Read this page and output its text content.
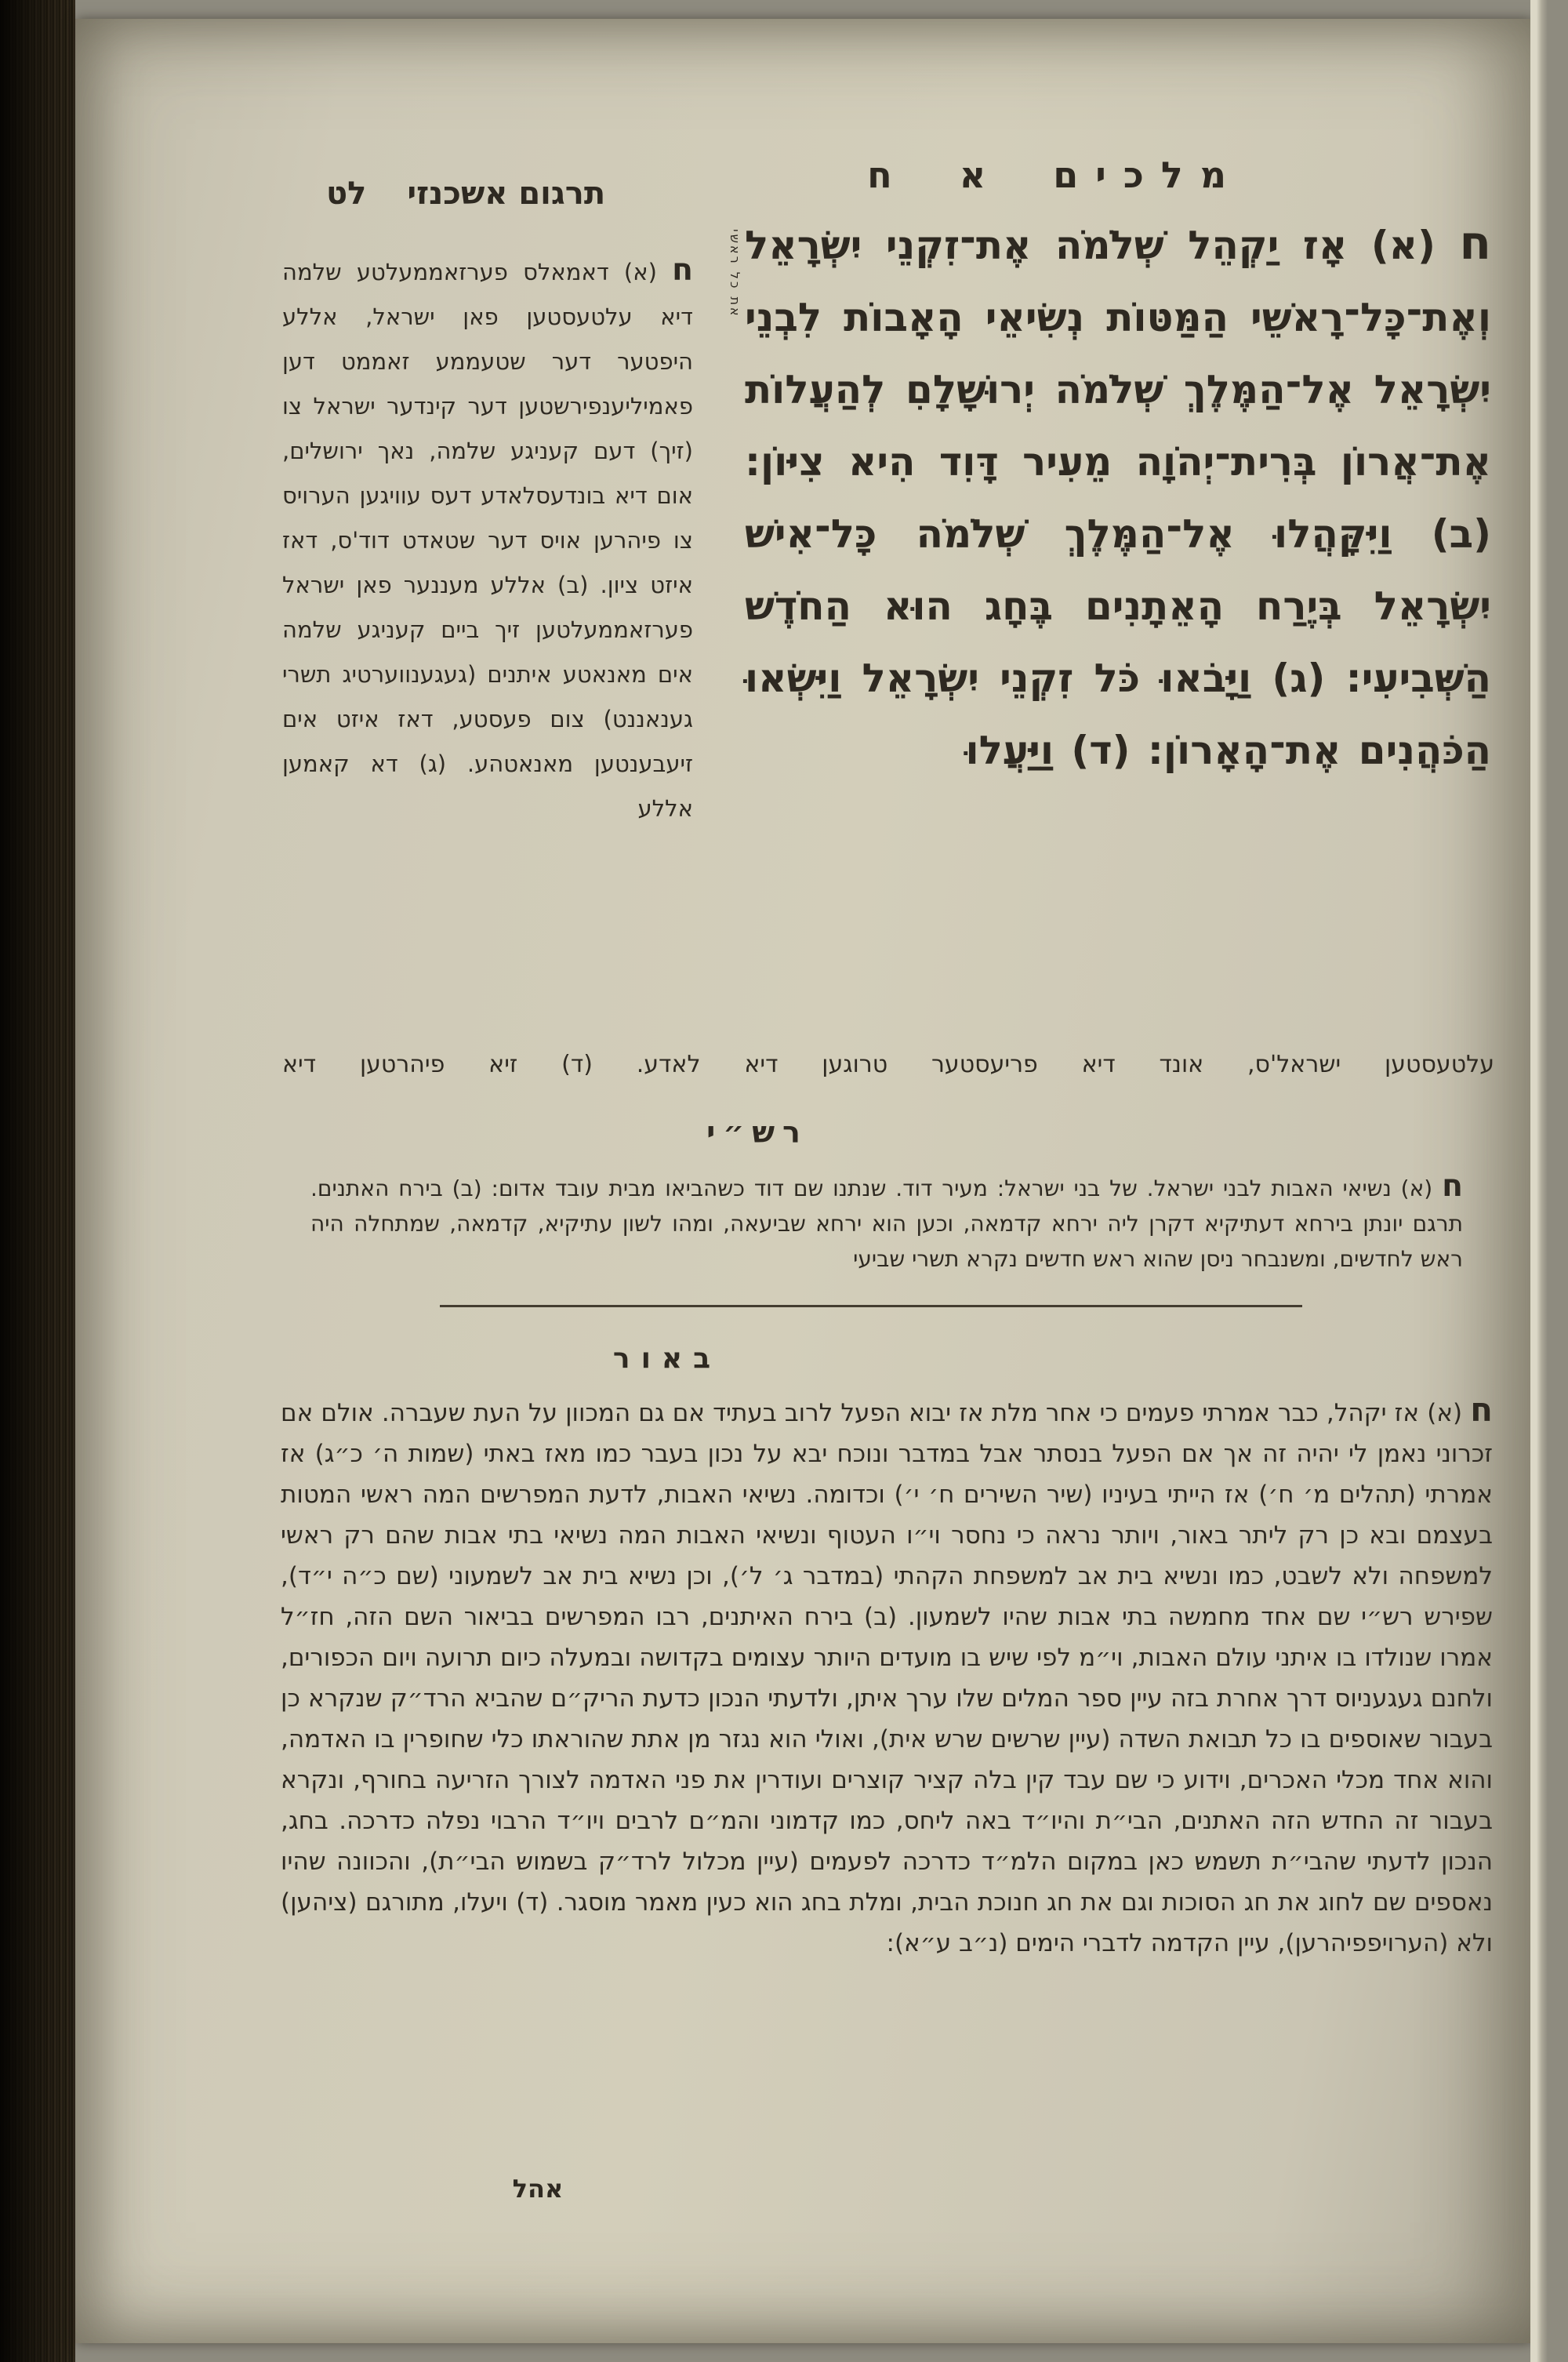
מלכים א ח
תרגום אשכנזי
לט
ח (א) אָז יַקְהֵל שְׁלֹמֹה אֶת־זִקְנֵי יִשְׂרָאֵל וְאֶת־כָּל־רָאשֵׁי הַמַּטּוֹת נְשִׂיאֵי הָאָבוֹת לִבְנֵי יִשְׂרָאֵל אֶל־הַמֶּלֶךְ שְׁלֹמֹה יְרוּשָׁלָםִ לְהַעֲלוֹת אֶת־אֲרוֹן בְּרִית־יְהֹוָה מֵעִיר דָּוִד הִיא צִיּוֹן: (ב) וַיִּקָּהֲלוּ אֶל־הַמֶּלֶךְ שְׁלֹמֹה כָּל־אִישׁ יִשְׂרָאֵל בְּיֶרַח הָאֵתָנִים בֶּחָג הוּא הַחֹדֶשׁ הַשְּׁבִיעִי: (ג) וַיָּבֹאוּ כֹּל זִקְנֵי יִשְׂרָאֵל וַיִּשְׂאוּ הַכֹּהֲנִים אֶת־הָאָרוֹן: (ד) וַיַּעֲלוּ
ח (א) דאמאלס פערזאממעלטע שלמה דיא עלטעסטען פאן ישראל, אללע היפטער דער שטעממע זאממט דען פאמיליענפירשטען דער קינדער ישראל צו (זיך) דעם קעניגע שלמה, נאך ירושלים, אום דיא בונדעסלאדע דעס עוויגען הערויס צו פיהרען אויס דער שטאדט דוד'ס, דאז איזט ציון. (ב) אללע מעננער פאן ישראל פערזאממעלטען זיך ביים קעניגע שלמה אים מאנאטע איתנים (געגענווערטיג תשרי גענאננט) צום פעסטע, דאז איזט אים זיעבענטען מאנאטהע. (ג) דא קאמען אללע
את כל ראשי
עלטעסטען ישראל'ס, אונד דיא פריעסטער טרוגען דיא לאדע. (ד) זיא פיהרטען דיא
רש״י
ח (א) נשיאי האבות לבני ישראל. של בני ישראל: מעיר דוד. שנתנו שם דוד כשהביאו מבית עובד אדום: (ב) בירח האתנים. תרגם יונתן בירחא דעתיקיא דקרן ליה ירחא קדמאה, וכען הוא ירחא שביעאה, ומהו לשון עתיקיא, קדמאה, שמתחלה היה ראש לחדשים, ומשנבחר ניסן שהוא ראש חדשים נקרא תשרי שביעי
באור
ח (א) אז יקהל, כבר אמרתי פעמים כי אחר מלת אז יבוא הפעל לרוב בעתיד אם גם המכוון על העת שעברה. אולם אם זכרוני נאמן לי יהיה זה אך אם הפעל בנסתר אבל במדבר ונוכח יבא על נכון בעבר כמו מאז באתי (שמות ה׳ כ״ג) אז אמרתי (תהלים מ׳ ח׳) אז הייתי בעיניו (שיר השירים ח׳ י׳) וכדומה. נשיאי האבות, לדעת המפרשים המה ראשי המטות בעצמם ובא כן רק ליתר באור, ויותר נראה כי נחסר וי״ו העטוף ונשיאי האבות המה נשיאי בתי אבות שהם רק ראשי למשפחה ולא לשבט, כמו ונשיא בית אב למשפחת הקהתי (במדבר ג׳ ל׳), וכן נשיא בית אב לשמעוני (שם כ״ה י״ד), שפירש רש״י שם אחד מחמשה בתי אבות שהיו לשמעון. (ב) בירח האיתנים, רבו המפרשים בביאור השם הזה, חז״ל אמרו שנולדו בו איתני עולם האבות, וי״מ לפי שיש בו מועדים היותר עצומים בקדושה ובמעלה כיום תרועה ויום הכפורים, ולחנם געגעניוס דרך אחרת בזה עיין ספר המלים שלו ערך איתן, ולדעתי הנכון כדעת הריק״ם שהביא הרד״ק שנקרא כן בעבור שאוספים בו כל תבואת השדה (עיין שרשים שרש אית), ואולי הוא נגזר מן אתת שהוראתו כלי שחופרין בו האדמה, והוא אחד מכלי האכרים, וידוע כי שם עבד קין בלה קציר קוצרים ועודרין את פני האדמה לצורך הזריעה בחורף, ונקרא בעבור זה החדש הזה האתנים, הבי״ת והיו״ד באה ליחס, כמו קדמוני והמ״ם לרבים ויו״ד הרבוי נפלה כדרכה. בחג, הנכון לדעתי שהבי״ת תשמש כאן במקום הלמ״ד כדרכה לפעמים (עיין מכלול לרד״ק בשמוש הבי״ת), והכוונה שהיו נאספים שם לחוג את חג הסוכות וגם את חג חנוכת הבית, ומלת בחג הוא כעין מאמר מוסגר. (ד) ויעלו, מתורגם (ציהען) ולא (הערויפפיהרען), עיין הקדמה לדברי הימים (נ״ב ע״א):
אהל
